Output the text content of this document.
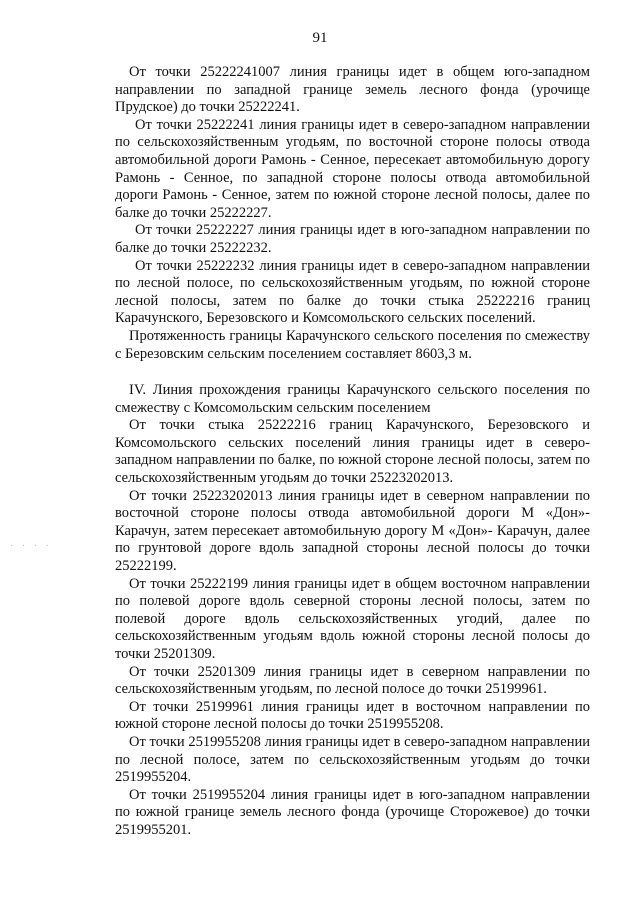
91

От точки 25222241007 линия границы идет в общем юго-западном направлении по западной границе земель лесного фонда (урочище Прудское) до точки 25222241.

От точки 25222241 линия границы идет в северо-западном направлении по сельскохозяйственным угодьям, по восточной стороне полосы отвода автомобильной дороги Рамонь - Сенное, пересекает автомобильную дорогу Рамонь - Сенное, по западной стороне полосы отвода автомобильной дороги Рамонь - Сенное, затем по южной стороне лесной полосы, далее по балке до точки 25222227.

От точки 25222227 линия границы идет в юго-западном направлении по балке до точки 25222232.

От точки 25222232 линия границы идет в северо-западном направлении по лесной полосе, по сельскохозяйственным угодьям, по южной стороне лесной полосы, затем по балке до точки стыка 25222216 границ Карачунского, Березовского и Комсомольского сельских поселений.

Протяженность границы Карачунского сельского поселения по смежеству с Березовским сельским поселением составляет 8603,3 м.

IV. Линия прохождения границы Карачунского сельского поселения по смежеству с Комсомольским сельским поселением

От точки стыка 25222216 границ Карачунского, Березовского и Комсомольского сельских поселений линия границы идет в северо-западном направлении по балке, по южной стороне лесной полосы, затем по сельскохозяйственным угодьям до точки 25223202013.

От точки 25223202013 линия границы идет в северном направлении по восточной стороне полосы отвода автомобильной дороги М «Дон»- Карачун, затем пересекает автомобильную дорогу М «Дон»- Карачун, далее по грунтовой дороге вдоль западной стороны лесной полосы до точки 25222199.

От точки 25222199 линия границы идет в общем восточном направлении по полевой дороге вдоль северной стороны лесной полосы, затем по полевой дороге вдоль сельскохозяйственных угодий, далее по сельскохозяйственным угодьям вдоль южной стороны лесной полосы до точки 25201309.

От точки 25201309 линия границы идет в северном направлении по сельскохозяйственным угодьям, по лесной полосе до точки 25199961.

От точки 25199961 линия границы идет в восточном направлении по южной стороне лесной полосы до точки 2519955208.

От точки 2519955208 линия границы идет в северо-западном направлении по лесной полосе, затем по сельскохозяйственным угодьям до точки 2519955204.

От точки 2519955204 линия границы идет в юго-западном направлении по южной границе земель лесного фонда (урочище Сторожевое) до точки 2519955201.

· · · ·
